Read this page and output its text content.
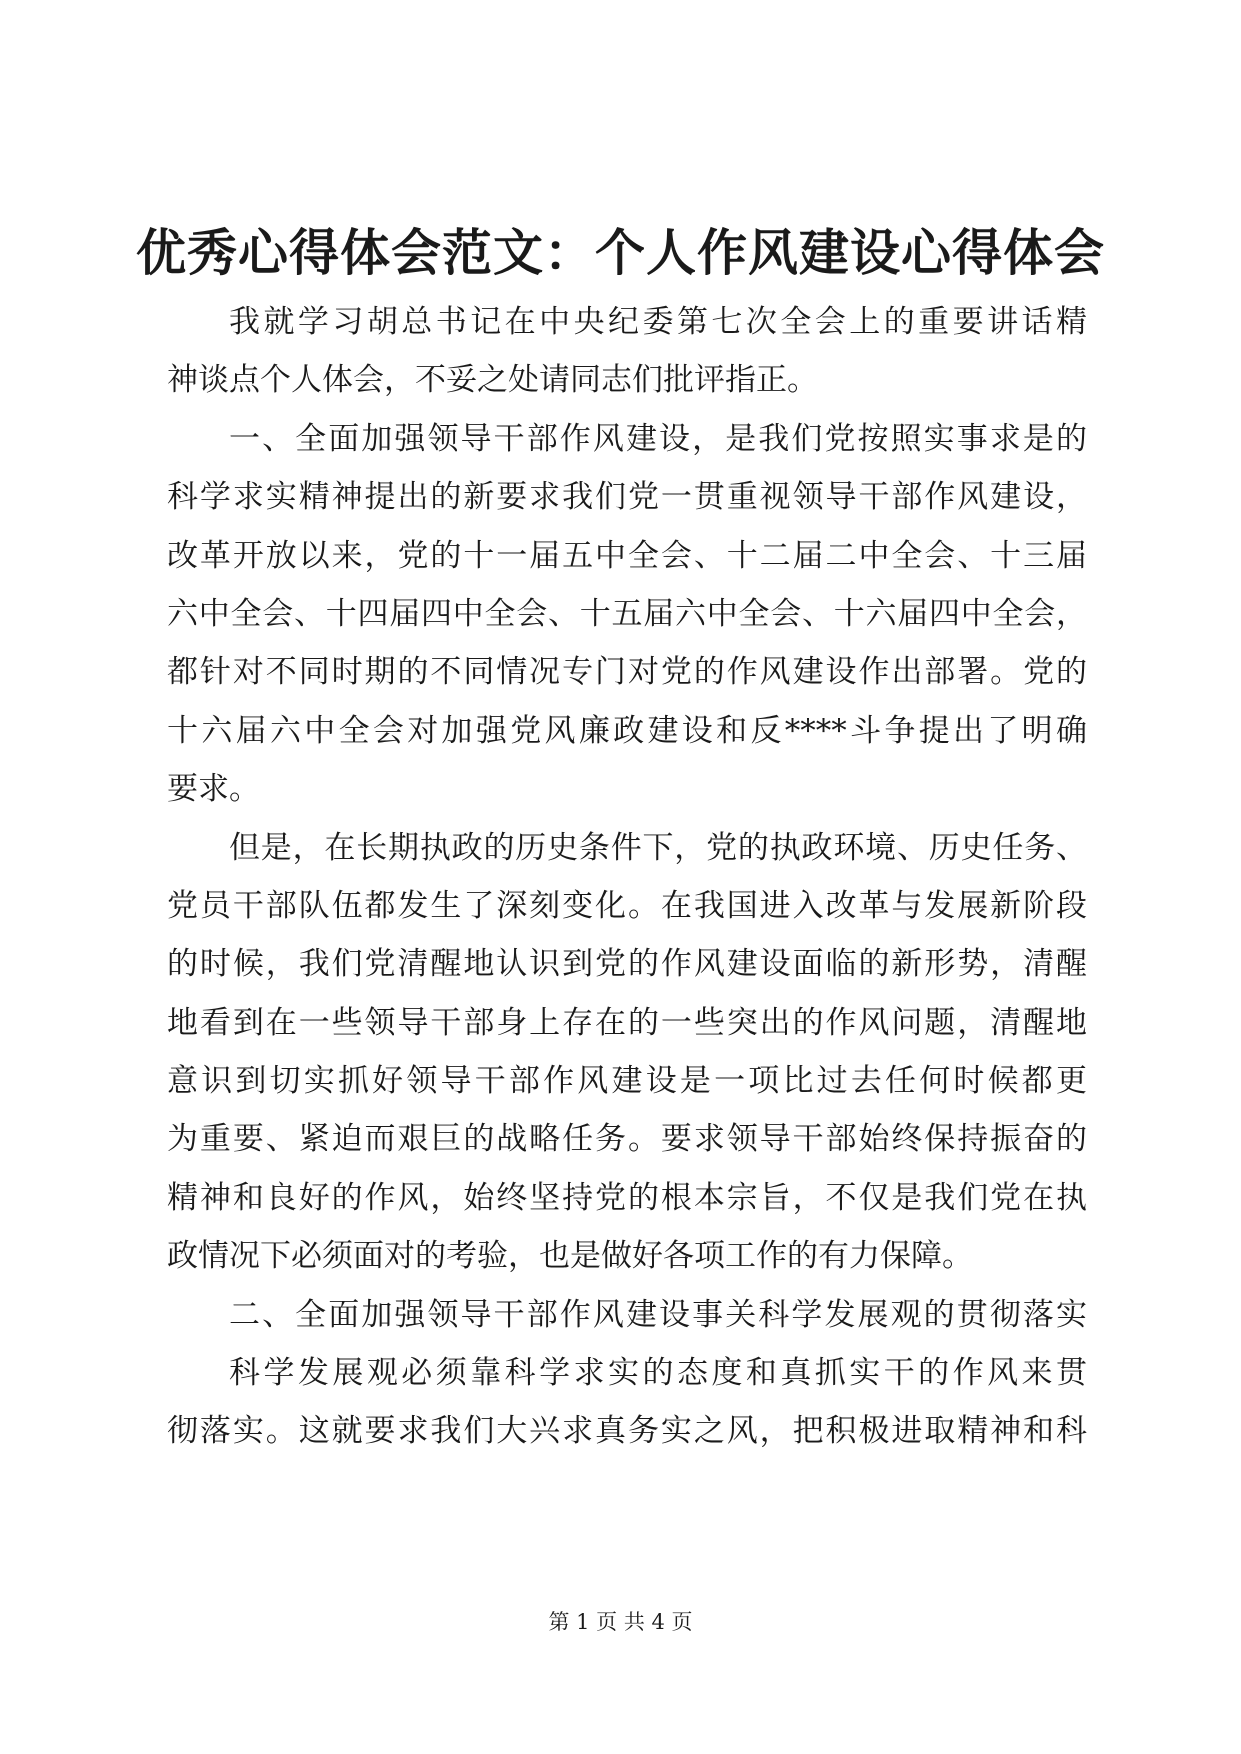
优秀心得体会范文：个人作风建设心得体会
我就学习胡总书记在中央纪委第七次全会上的重要讲话精
神谈点个人体会，不妥之处请同志们批评指正。
一、全面加强领导干部作风建设，是我们党按照实事求是的
科学求实精神提出的新要求我们党一贯重视领导干部作风建设，
改革开放以来，党的十一届五中全会、十二届二中全会、十三届
六中全会、十四届四中全会、十五届六中全会、十六届四中全会，
都针对不同时期的不同情况专门对党的作风建设作出部署。党的
十六届六中全会对加强党风廉政建设和反****斗争提出了明确
要求。
但是，在长期执政的历史条件下，党的执政环境、历史任务、
党员干部队伍都发生了深刻变化。在我国进入改革与发展新阶段
的时候，我们党清醒地认识到党的作风建设面临的新形势，清醒
地看到在一些领导干部身上存在的一些突出的作风问题，清醒地
意识到切实抓好领导干部作风建设是一项比过去任何时候都更
为重要、紧迫而艰巨的战略任务。要求领导干部始终保持振奋的
精神和良好的作风，始终坚持党的根本宗旨，不仅是我们党在执
政情况下必须面对的考验，也是做好各项工作的有力保障。
二、全面加强领导干部作风建设事关科学发展观的贯彻落实
科学发展观必须靠科学求实的态度和真抓实干的作风来贯
彻落实。这就要求我们大兴求真务实之风，把积极进取精神和科
第 1 页 共 4 页
